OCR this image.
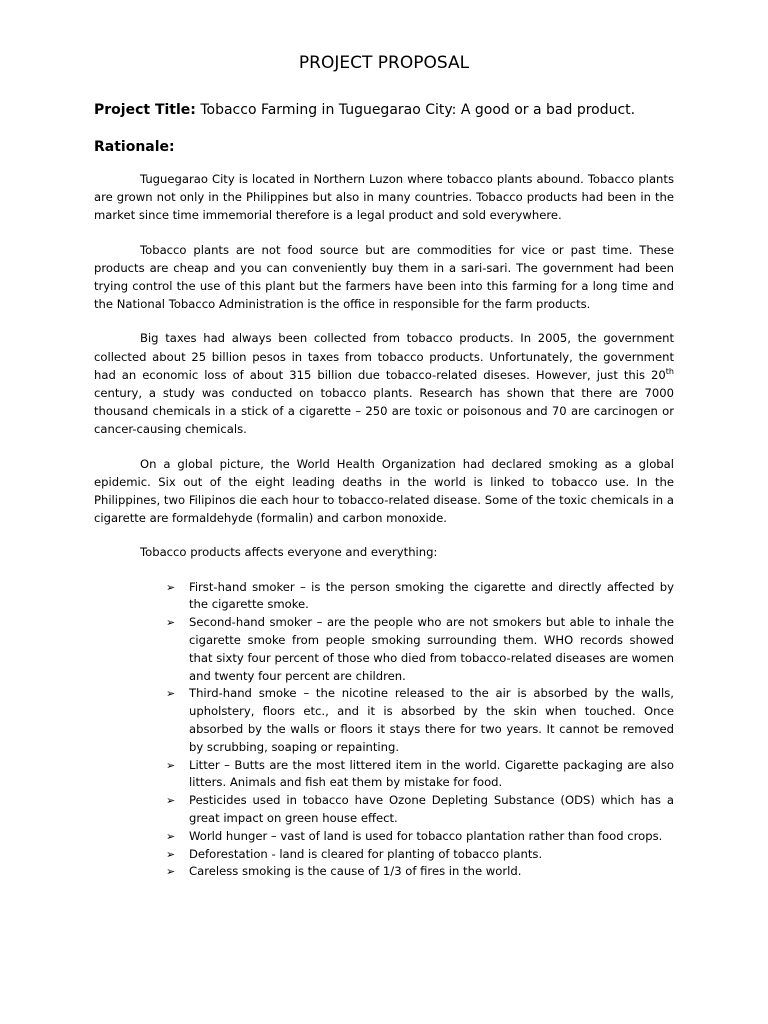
PROJECT PROPOSAL

Project Title: Tobacco Farming in Tuguegarao City: A good or a bad product.

Rationale:

Tuguegarao City is located in Northern Luzon where tobacco plants abound. Tobacco plants are grown not only in the Philippines but also in many countries. Tobacco products had been in the market since time immemorial therefore is a legal product and sold everywhere.

Tobacco plants are not food source but are commodities for vice or past time. These products are cheap and you can conveniently buy them in a sari-sari. The government had been trying control the use of this plant but the farmers have been into this farming for a long time and the National Tobacco Administration is the office in responsible for the farm products.

Big taxes had always been collected from tobacco products. In 2005, the government collected about 25 billion pesos in taxes from tobacco products. Unfortunately, the government had an economic loss of about 315 billion due tobacco-related diseses. However, just this 20th century, a study was conducted on tobacco plants. Research has shown that there are 7000 thousand chemicals in a stick of a cigarette – 250 are toxic or poisonous and 70 are carcinogen or cancer-causing chemicals.

On a global picture, the World Health Organization had declared smoking as a global epidemic. Six out of the eight leading deaths in the world is linked to tobacco use. In the Philippines, two Filipinos die each hour to tobacco-related disease. Some of the toxic chemicals in a cigarette are formaldehyde (formalin) and carbon monoxide.

Tobacco products affects everyone and everything:

➢ First-hand smoker – is the person smoking the cigarette and directly affected by the cigarette smoke.
➢ Second-hand smoker – are the people who are not smokers but able to inhale the cigarette smoke from people smoking surrounding them. WHO records showed that sixty four percent of those who died from tobacco-related diseases are women and twenty four percent are children.
➢ Third-hand smoke – the nicotine released to the air is absorbed by the walls, upholstery, floors etc., and it is absorbed by the skin when touched. Once absorbed by the walls or floors it stays there for two years. It cannot be removed by scrubbing, soaping or repainting.
➢ Litter – Butts are the most littered item in the world. Cigarette packaging are also litters. Animals and fish eat them by mistake for food.
➢ Pesticides used in tobacco have Ozone Depleting Substance (ODS) which has a great impact on green house effect.
➢ World hunger – vast of land is used for tobacco plantation rather than food crops.
➢ Deforestation - land is cleared for planting of tobacco plants.
➢ Careless smoking is the cause of 1/3 of fires in the world.
